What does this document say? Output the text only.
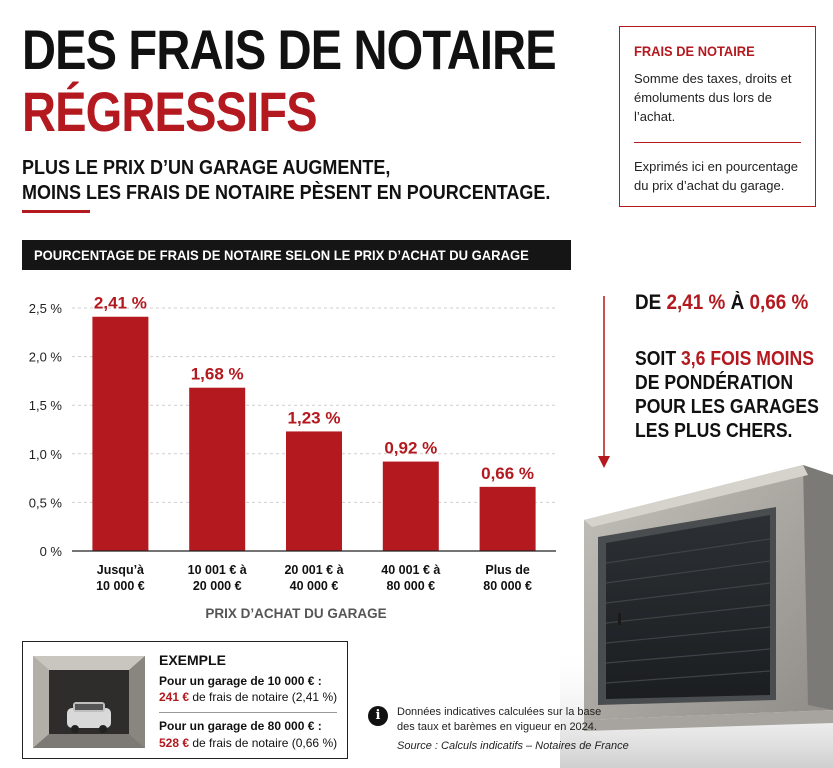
DES FRAIS DE NOTAIRE
RÉGRESSIFS
PLUS LE PRIX D’UN GARAGE AUGMENTE,
MOINS LES FRAIS DE NOTAIRE PÈSENT EN POURCENTAGE.
FRAIS DE NOTAIRE
Somme des taxes, droits et émoluments dus lors de l’achat.
Exprimés ici en pourcentage du prix d’achat du garage.
POURCENTAGE DE FRAIS DE NOTAIRE SELON LE PRIX D’ACHAT DU GARAGE
0 %
0,5 %
1,0 %
1,5 %
2,0 %
2,5 % 2,41 %
1,68 %
1,23 %
0,92 %
0,66 %
Jusqu’à
10 000 €
10 001 € à
20 000 €
20 001 € à
40 000 €
40 001 € à
80 000 €
Plus de
80 000 €
PRIX D’ACHAT DU GARAGE
DE 2,41 % À 0,66 %
SOIT 3,6 FOIS MOINS
DE PONDÉRATION
POUR LES GARAGES
LES PLUS CHERS.
EXEMPLE
Pour un garage de 10 000 € :
241 € de frais de notaire (2,41 %)
Pour un garage de 80 000 € :
528 € de frais de notaire (0,66 %)
i	Données indicatives calculées sur la base
des taux et barèmes en vigueur en 2024.
Source : Calculs indicatifs – Notaires de France
